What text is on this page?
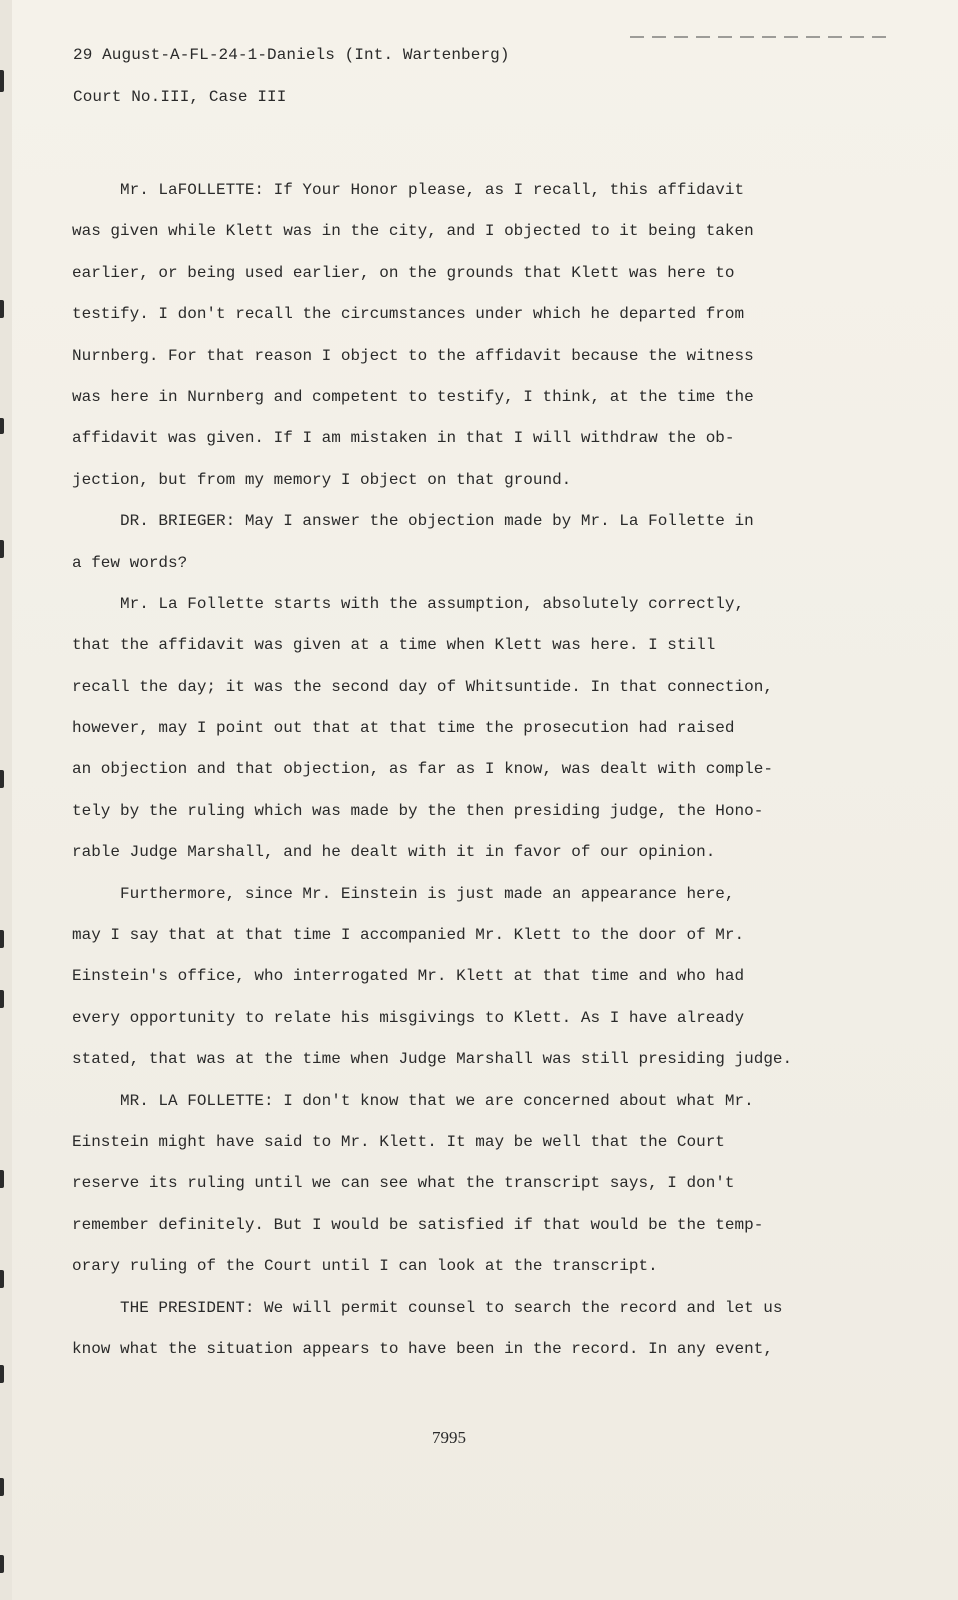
29 August-A-FL-24-1-Daniels (Int. Wartenberg)
Court No.III, Case III
Mr. LaFOLLETTE: If Your Honor please, as I recall, this affidavit
was given while Klett was in the city, and I objected to it being taken
earlier, or being used earlier, on the grounds that Klett was here to
testify. I don't recall the circumstances under which he departed from
Nurnberg. For that reason I object to the affidavit because the witness
was here in Nurnberg and competent to testify, I think, at the time the
affidavit was given. If I am mistaken in that I will withdraw the ob-
jection, but from my memory I object on that ground.
DR. BRIEGER: May I answer the objection made by Mr. La Follette in
a few words?
Mr. La Follette starts with the assumption, absolutely correctly,
that the affidavit was given at a time when Klett was here. I still
recall the day; it was the second day of Whitsuntide. In that connection,
however, may I point out that at that time the prosecution had raised
an objection and that objection, as far as I know, was dealt with comple-
tely by the ruling which was made by the then presiding judge, the Hono-
rable Judge Marshall, and he dealt with it in favor of our opinion.
Furthermore, since Mr. Einstein is just made an appearance here,
may I say that at that time I accompanied Mr. Klett to the door of Mr.
Einstein's office, who interrogated Mr. Klett at that time and who had
every opportunity to relate his misgivings to Klett. As I have already
stated, that was at the time when Judge Marshall was still presiding judge.
MR. LA FOLLETTE: I don't know that we are concerned about what Mr.
Einstein might have said to Mr. Klett. It may be well that the Court
reserve its ruling until we can see what the transcript says, I don't
remember definitely. But I would be satisfied if that would be the temp-
orary ruling of the Court until I can look at the transcript.
THE PRESIDENT: We will permit counsel to search the record and let us
know what the situation appears to have been in the record. In any event,
7995
